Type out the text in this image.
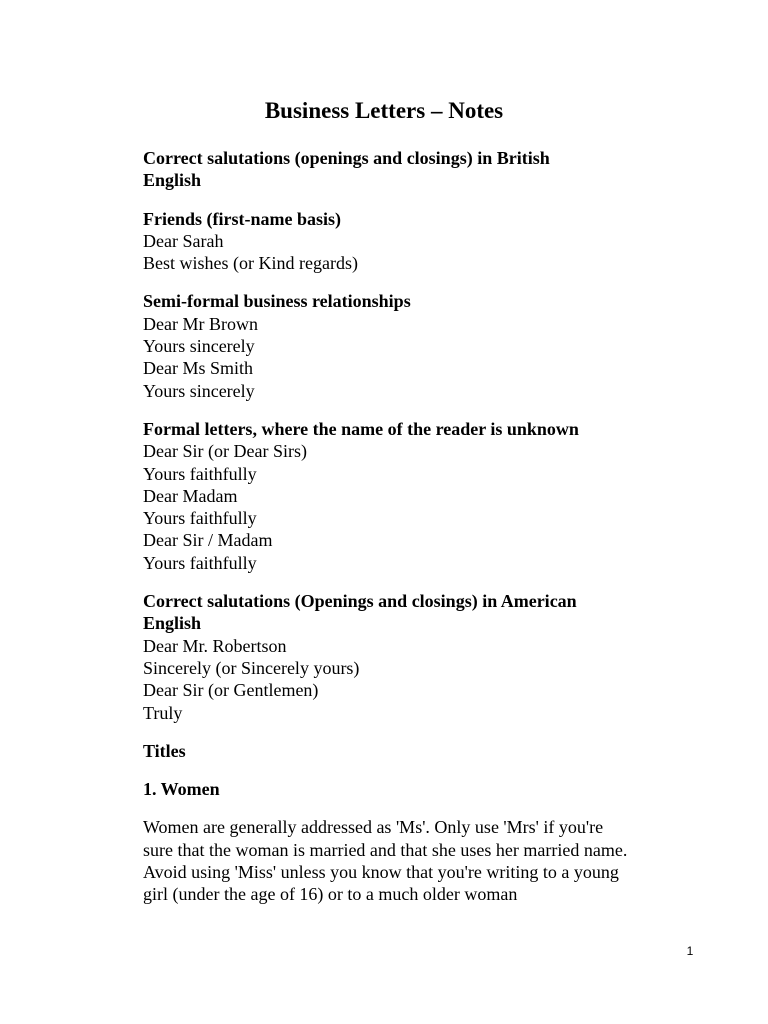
Business Letters – Notes
Correct salutations (openings and closings) in British
English
Friends (first-name basis)
Dear Sarah
Best wishes (or Kind regards)
Semi-formal business relationships
Dear Mr Brown
Yours sincerely
Dear Ms Smith
Yours sincerely
Formal letters, where the name of the reader is unknown
Dear Sir (or Dear Sirs)
Yours faithfully
Dear Madam
Yours faithfully
Dear Sir / Madam
Yours faithfully
Correct salutations (Openings and closings) in American
English
Dear Mr. Robertson
Sincerely (or Sincerely yours)
Dear Sir (or Gentlemen)
Truly
Titles
1. Women
Women are generally addressed as 'Ms'. Only use 'Mrs' if you're sure that the woman is married and that she uses her married name. Avoid using 'Miss' unless you know that you're writing to a young girl (under the age of 16) or to a much older woman
1
